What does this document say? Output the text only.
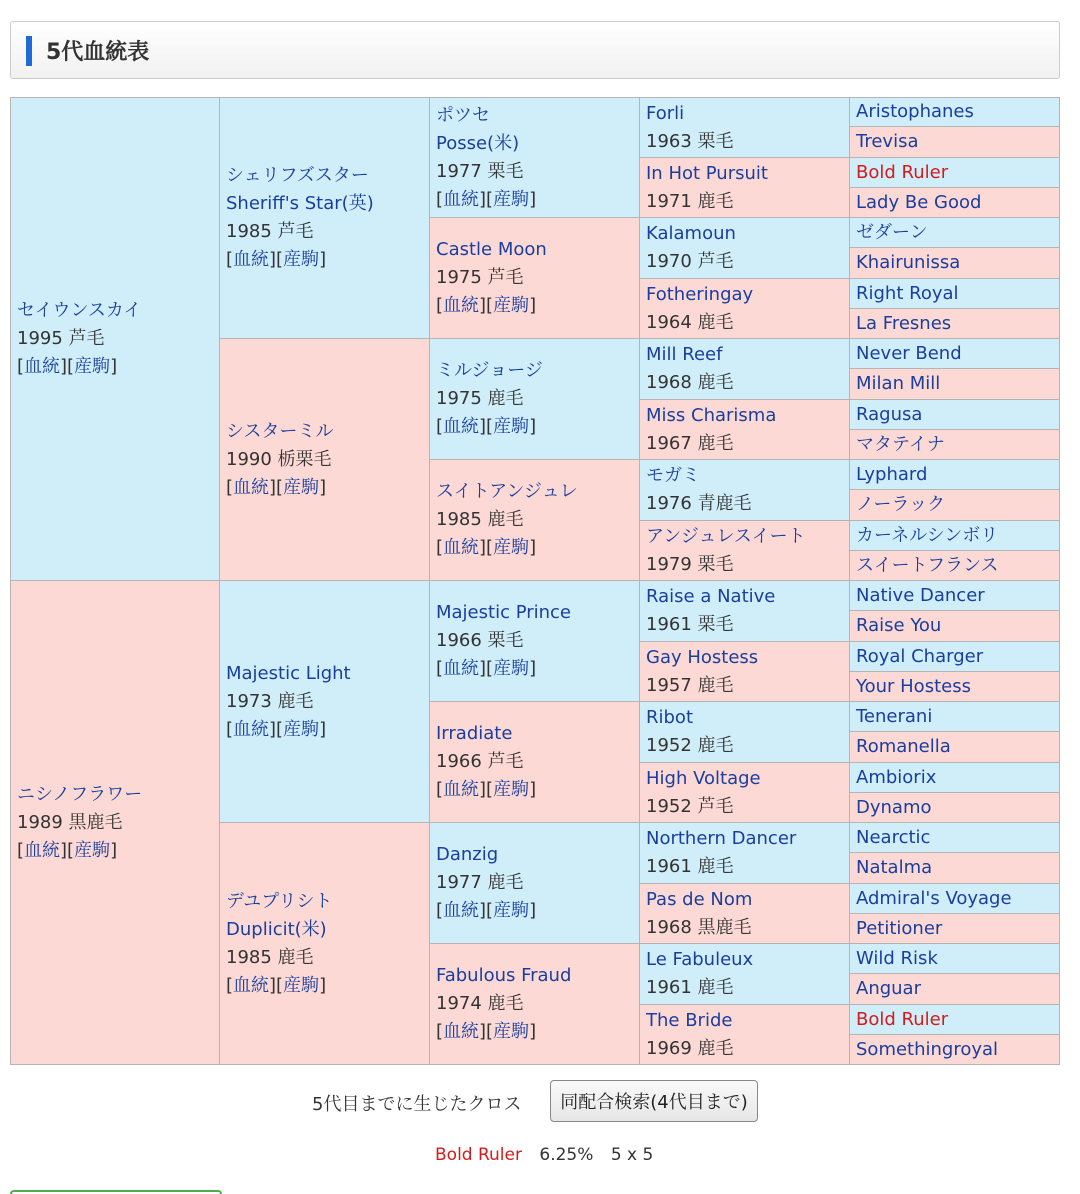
5代血統表
セイウンスカイ
1995 芦毛
[血統][産駒]
ニシノフラワー
1989 黒鹿毛
[血統][産駒]
シェリフズスター
Sheriff's Star(英)
1985 芦毛
[血統][産駒]
シスターミル
1990 栃栗毛
[血統][産駒]
Majestic Light
1973 鹿毛
[血統][産駒]
デユプリシト
Duplicit(米)
1985 鹿毛
[血統][産駒]
ポツセ
Posse(米)
1977 栗毛
[血統][産駒]
Castle Moon
1975 芦毛
[血統][産駒]
ミルジョージ
1975 鹿毛
[血統][産駒]
スイトアンジュレ
1985 鹿毛
[血統][産駒]
Majestic Prince
1966 栗毛
[血統][産駒]
Irradiate
1966 芦毛
[血統][産駒]
Danzig
1977 鹿毛
[血統][産駒]
Fabulous Fraud
1974 鹿毛
[血統][産駒]
Forli
1963 栗毛
In Hot Pursuit
1971 鹿毛
Kalamoun
1970 芦毛
Fotheringay
1964 鹿毛
Mill Reef
1968 鹿毛
Miss Charisma
1967 鹿毛
モガミ
1976 青鹿毛
アンジュレスイート
1979 栗毛
Raise a Native
1961 栗毛
Gay Hostess
1957 鹿毛
Ribot
1952 鹿毛
High Voltage
1952 芦毛
Northern Dancer
1961 鹿毛
Pas de Nom
1968 黒鹿毛
Le Fabuleux
1961 鹿毛
The Bride
1969 鹿毛
Aristophanes
Trevisa
Bold Ruler
Lady Be Good
ゼダーン
Khairunissa
Right Royal
La Fresnes
Never Bend
Milan Mill
Ragusa
マタテイナ
Lyphard
ノーラック
カーネルシンボリ
スイートフランス
Native Dancer
Raise You
Royal Charger
Your Hostess
Tenerani
Romanella
Ambiorix
Dynamo
Nearctic
Natalma
Admiral's Voyage
Petitioner
Wild Risk
Anguar
Bold Ruler
Somethingroyal
5代目までに生じたクロス	同配合検索(4代目まで)
Bold Ruler 6.25% 5 x 5
